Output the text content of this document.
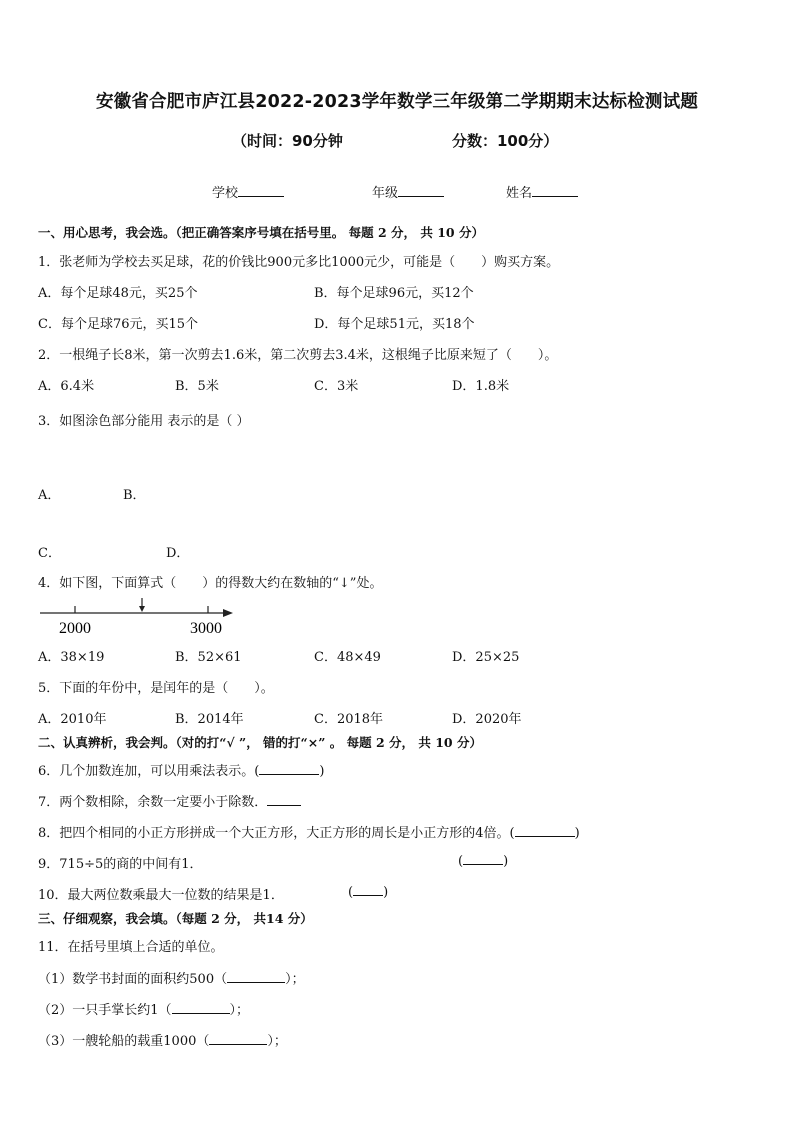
安徽省合肥市庐江县2022-2023学年数学三年级第二学期期末达标检测试题
（时间：90分钟	分数：100分）
学校	年级	姓名
一、用心思考，我会选。（把正确答案序号填在括号里。 每题 2 分， 共 10 分）
1．张老师为学校去买足球，花的价钱比900元多比1000元少，可能是（　　）购买方案。
A．每个足球48元，买25个	B．每个足球96元，买12个
C．每个足球76元，买15个	D．每个足球51元，买18个
2．一根绳子长8米，第一次剪去1.6米，第二次剪去3.4米，这根绳子比原来短了（　　）。
A．6.4米	B．5米	C．3米	D．1.8米
3．如图涂色部分能用 表示的是（ ）
A．	B．
C．	D．
4．如下图，下面算式（　　）的得数大约在数轴的“↓”处。
2000	3000
A．38×19	B．52×61	C．48×49	D．25×25
5．下面的年份中，是闰年的是（　　）。
A．2010年	B．2014年	C．2018年	D．2020年
二、认真辨析，我会判。（对的打“√ ”， 错的打“×” 。 每题 2 分， 共 10 分）
6．几个加数连加，可以用乘法表示。(	)
7．两个数相除，余数一定要小于除数．
8．把四个相同的小正方形拼成一个大正方形，大正方形的周长是小正方形的4倍。(	)
9．715÷5的商的中间有1．	(	)
10．最大两位数乘最大一位数的结果是1．	( )
三、仔细观察，我会填。（每题 2 分， 共14 分）
11．在括号里填上合适的单位。
（1）数学书封面的面积约500（	）；
（2）一只手掌长约1（	）；
（3）一艘轮船的载重1000（	）；
